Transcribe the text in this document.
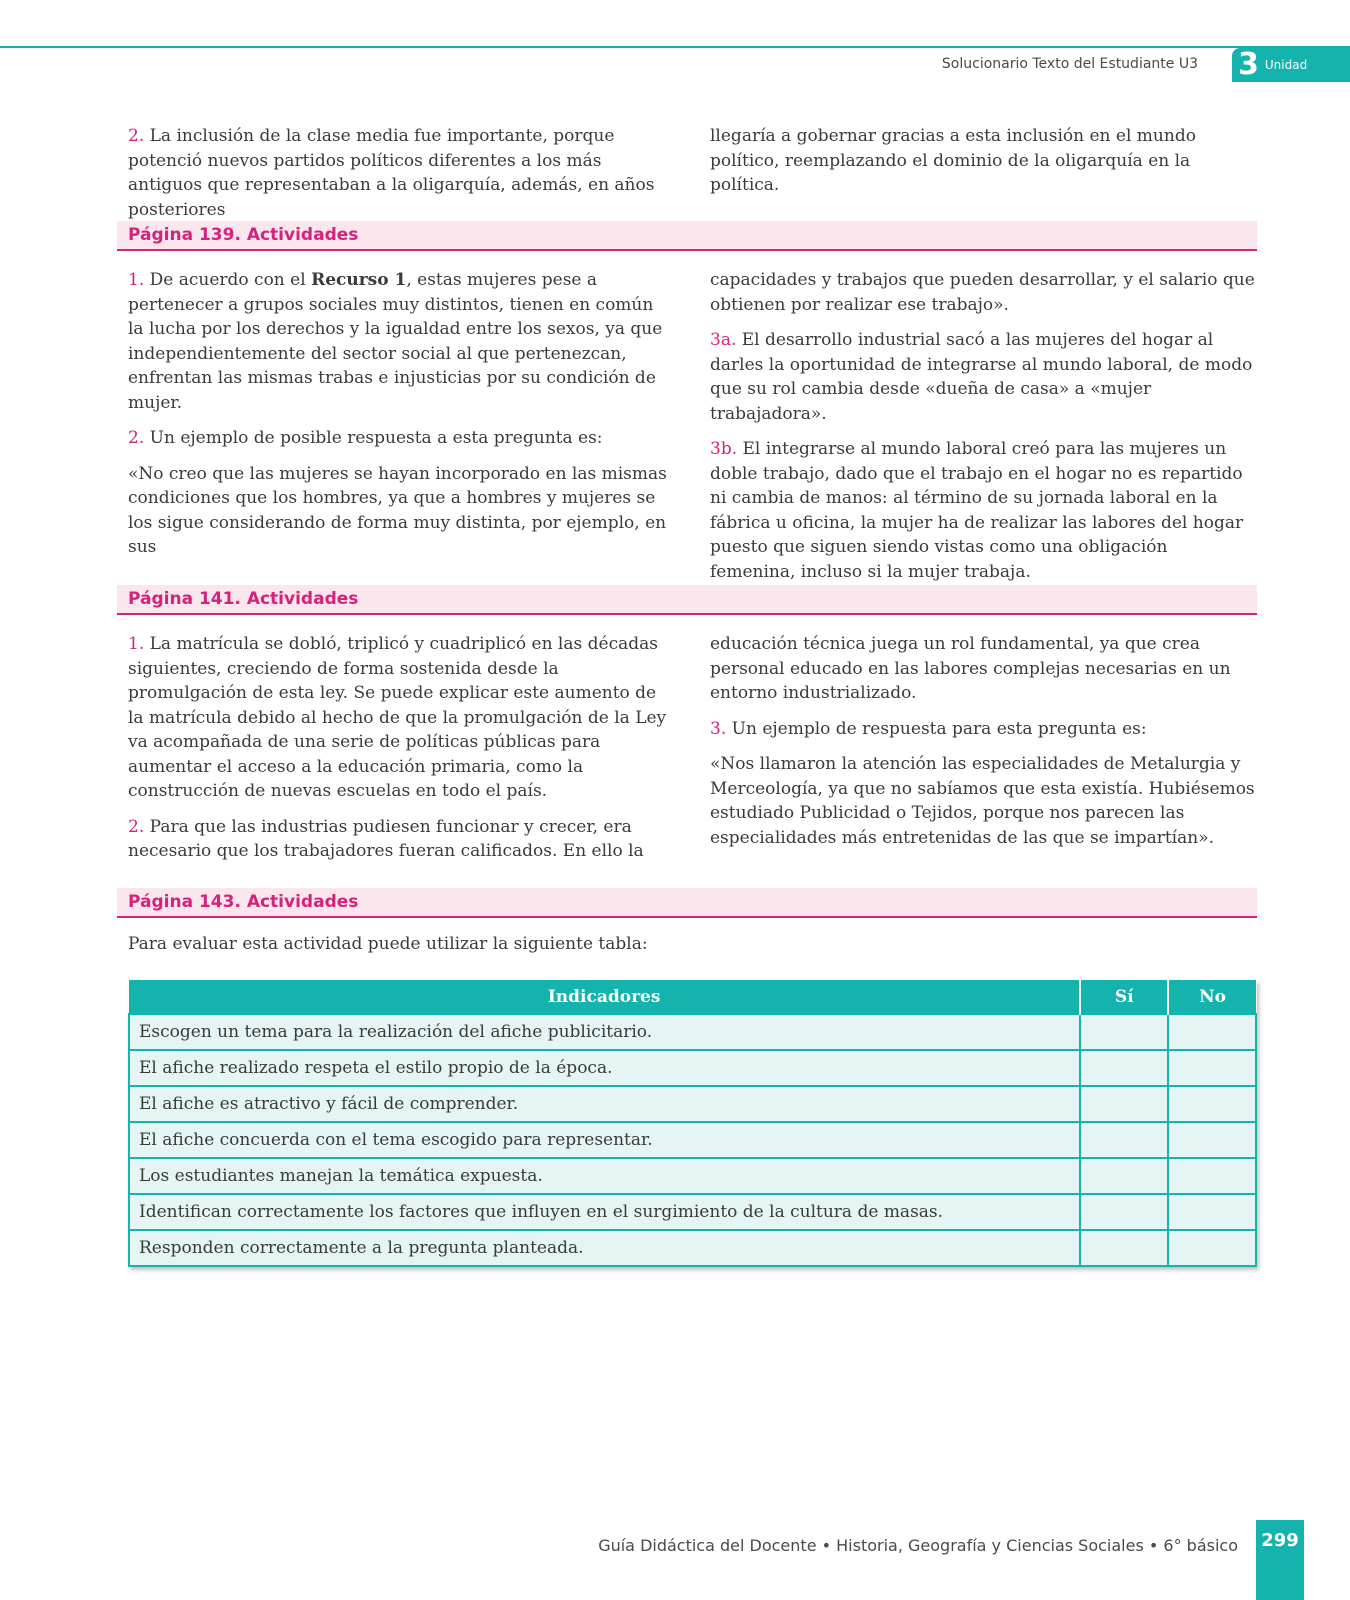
Solucionario Texto del Estudiante U3 3 Unidad

2. La inclusión de la clase media fue importante, porque potenció nuevos partidos políticos diferentes a los más antiguos que representaban a la oligarquía, además, en años posteriores

llegaría a gobernar gracias a esta inclusión en el mundo político, reemplazando el dominio de la oligarquía en la política.

Página 139. Actividades

1. De acuerdo con el Recurso 1, estas mujeres pese a pertenecer a grupos sociales muy distintos, tienen en común la lucha por los derechos y la igualdad entre los sexos, ya que independientemente del sector social al que pertenezcan, enfrentan las mismas trabas e injusticias por su condición de mujer.

2. Un ejemplo de posible respuesta a esta pregunta es:

«No creo que las mujeres se hayan incorporado en las mismas condiciones que los hombres, ya que a hombres y mujeres se los sigue considerando de forma muy distinta, por ejemplo, en sus

capacidades y trabajos que pueden desarrollar, y el salario que obtienen por realizar ese trabajo».

3a. El desarrollo industrial sacó a las mujeres del hogar al darles la oportunidad de integrarse al mundo laboral, de modo que su rol cambia desde «dueña de casa» a «mujer trabajadora».

3b. El integrarse al mundo laboral creó para las mujeres un doble trabajo, dado que el trabajo en el hogar no es repartido ni cambia de manos: al término de su jornada laboral en la fábrica u oficina, la mujer ha de realizar las labores del hogar puesto que siguen siendo vistas como una obligación femenina, incluso si la mujer trabaja.

Página 141. Actividades

1. La matrícula se dobló, triplicó y cuadriplicó en las décadas siguientes, creciendo de forma sostenida desde la promulgación de esta ley. Se puede explicar este aumento de la matrícula debido al hecho de que la promulgación de la Ley va acompañada de una serie de políticas públicas para aumentar el acceso a la educación primaria, como la construcción de nuevas escuelas en todo el país.

2. Para que las industrias pudiesen funcionar y crecer, era necesario que los trabajadores fueran calificados. En ello la

educación técnica juega un rol fundamental, ya que crea personal educado en las labores complejas necesarias en un entorno industrializado.

3. Un ejemplo de respuesta para esta pregunta es:

«Nos llamaron la atención las especialidades de Metalurgia y Merceología, ya que no sabíamos que esta existía. Hubiésemos estudiado Publicidad o Tejidos, porque nos parecen las especialidades más entretenidas de las que se impartían».

Página 143. Actividades
Para evaluar esta actividad puede utilizar la siguiente tabla:
Indicadores	Sí	No
Escogen un tema para la realización del afiche publicitario.		
El afiche realizado respeta el estilo propio de la época.		
El afiche es atractivo y fácil de comprender.		
El afiche concuerda con el tema escogido para representar.		
Los estudiantes manejan la temática expuesta.		
Identifican correctamente los factores que influyen en el surgimiento de la cultura de masas.		
Responden correctamente a la pregunta planteada.		
Guía Didáctica del Docente • Historia, Geografía y Ciencias Sociales • 6° básico 299
